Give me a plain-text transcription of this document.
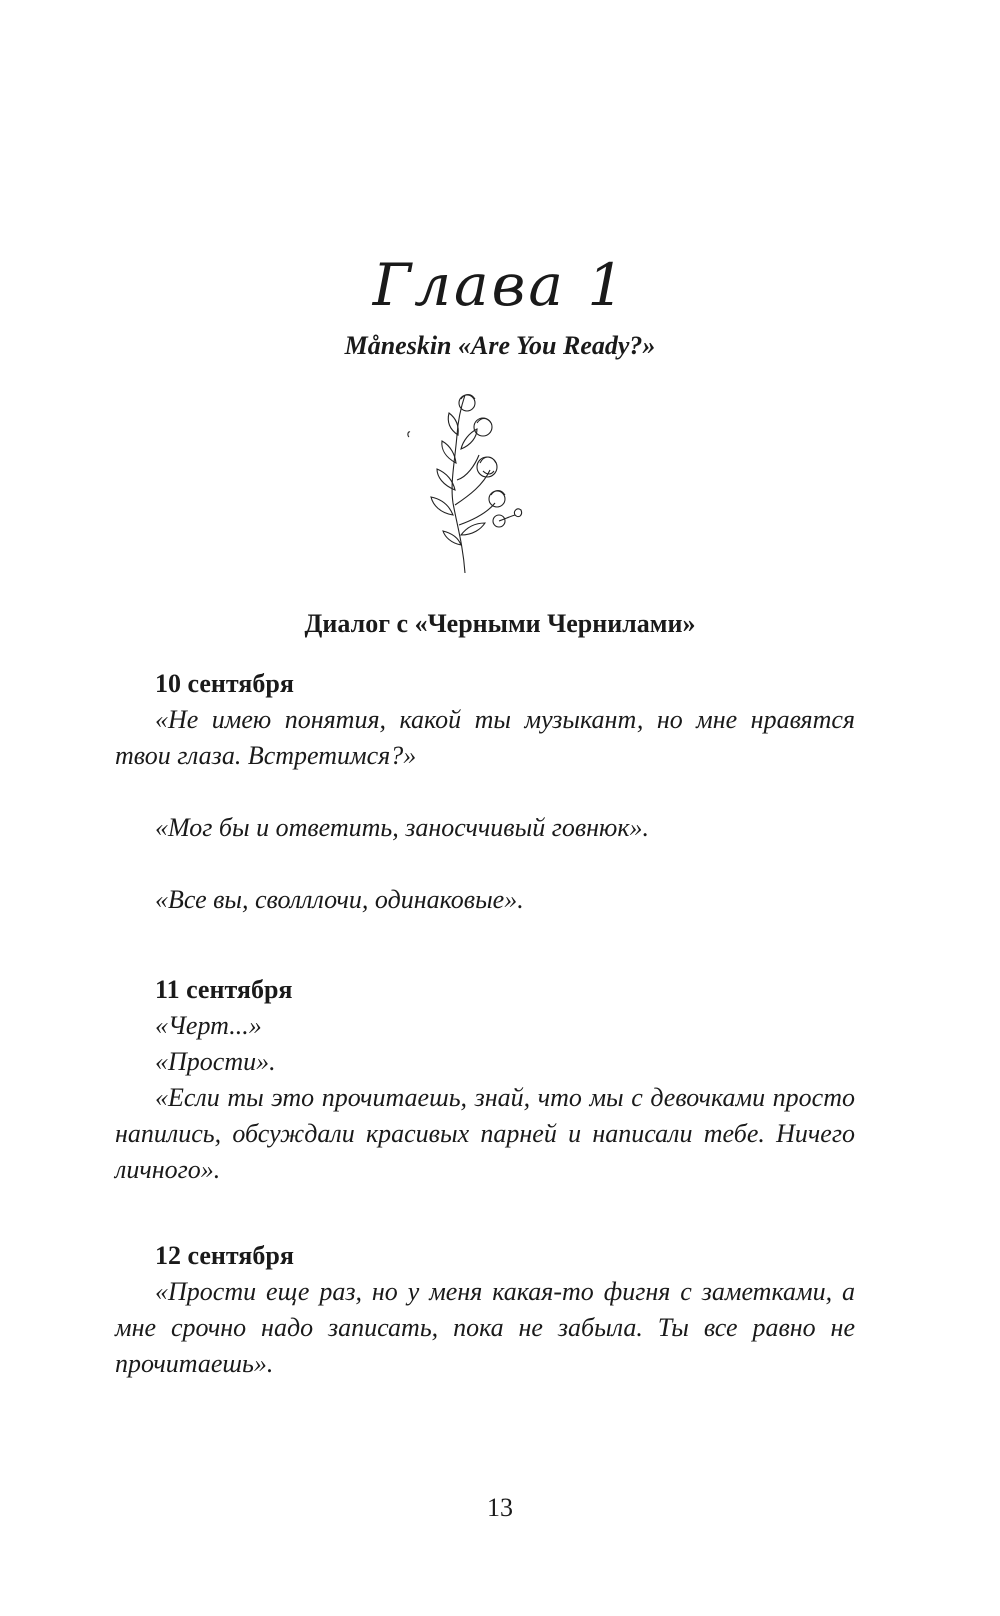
Глава 1
Måneskin «Are You Ready?»
Диалог с «Черными Чернилами»
10 сентября

«Не имею понятия, какой ты музыкант, но мне нравятся твои глаза. Встретимся?»

«Мог бы и ответить, заносччивый говнюк».

«Все вы, сволллочи, одинаковые».

11 сентября

«Черт...»

«Прости».

«Если ты это прочитаешь, знай, что мы с девочками просто напились, обсуждали красивых парней и написали тебе. Ничего личного».

12 сентября

«Прости еще раз, но у меня какая-то фигня с заметками, а мне срочно надо записать, пока не забыла. Ты все равно не прочитаешь».

13
